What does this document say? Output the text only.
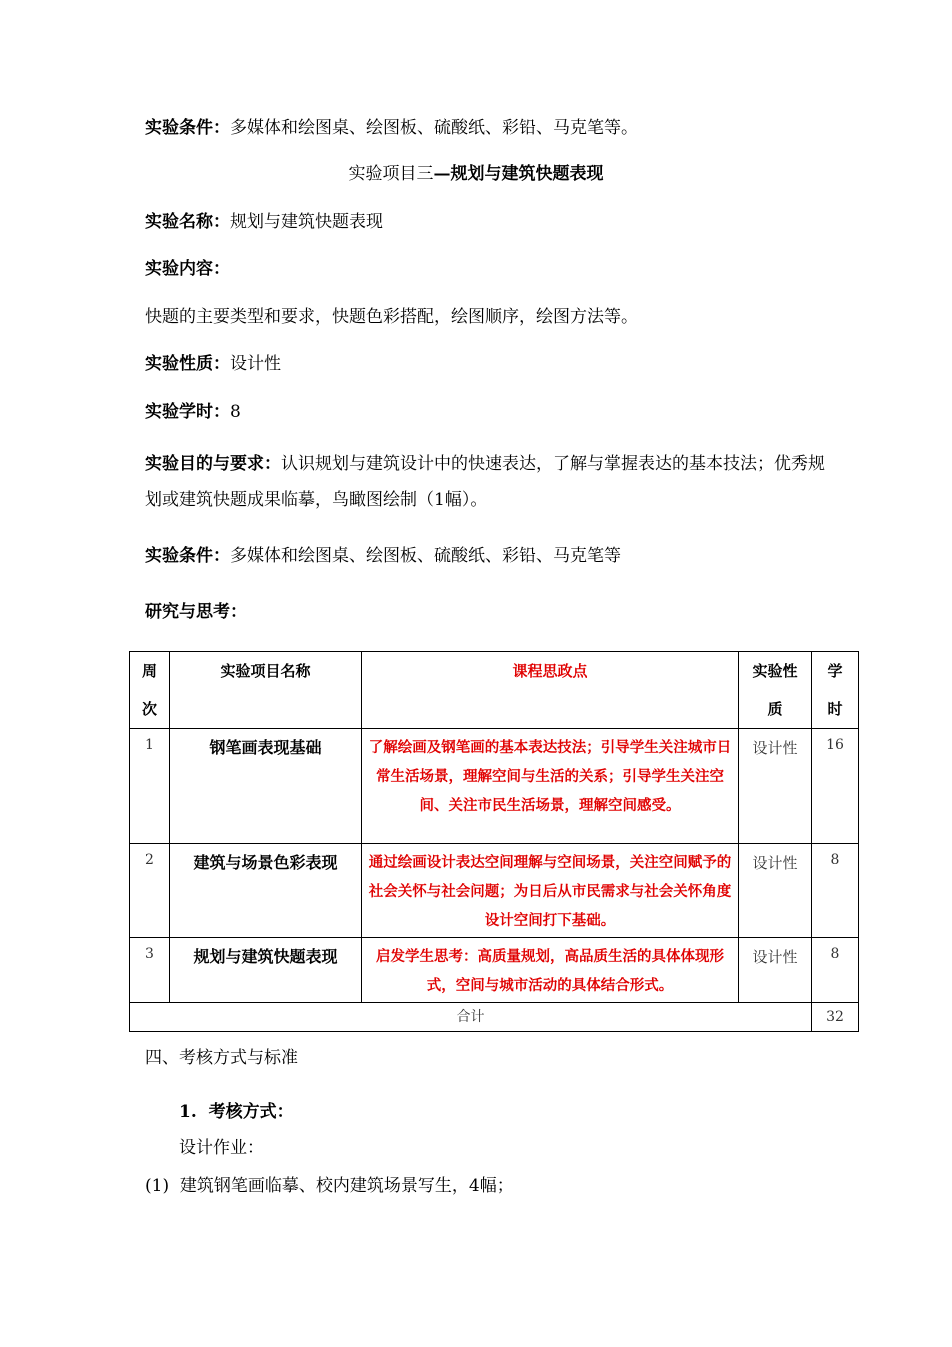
实验条件：多媒体和绘图桌、绘图板、硫酸纸、彩铅、马克笔等。
实验项目三—规划与建筑快题表现
实验名称：规划与建筑快题表现
实验内容：
快题的主要类型和要求，快题色彩搭配，绘图顺序，绘图方法等。
实验性质：设计性
实验学时：8
实验目的与要求：认识规划与建筑设计中的快速表达，了解与掌握表达的基本技法；优秀规划或建筑快题成果临摹，鸟瞰图绘制（1幅）。
实验条件：多媒体和绘图桌、绘图板、硫酸纸、彩铅、马克笔等
研究与思考：
周次	实验项目名称	课程思政点	实验性质	学时

1	钢笔画表现基础	了解绘画及钢笔画的基本表达技法；引导学生关注城市日常生活场景，理解空间与生活的关系；引导学生关注空间、关注市民生活场景，理解空间感受。	设计性	16
2	建筑与场景色彩表现	通过绘画设计表达空间理解与空间场景，关注空间赋予的社会关怀与社会问题；为日后从市民需求与社会关怀角度设计空间打下基础。	设计性	8
3	规划与建筑快题表现	启发学生思考：高质量规划，高品质生活的具体体现形式，空间与城市活动的具体结合形式。	设计性	8
合计				32
四、考核方式与标准
1. 考核方式：
设计作业：
(1) 建筑钢笔画临摹、校内建筑场景写生，4幅；
